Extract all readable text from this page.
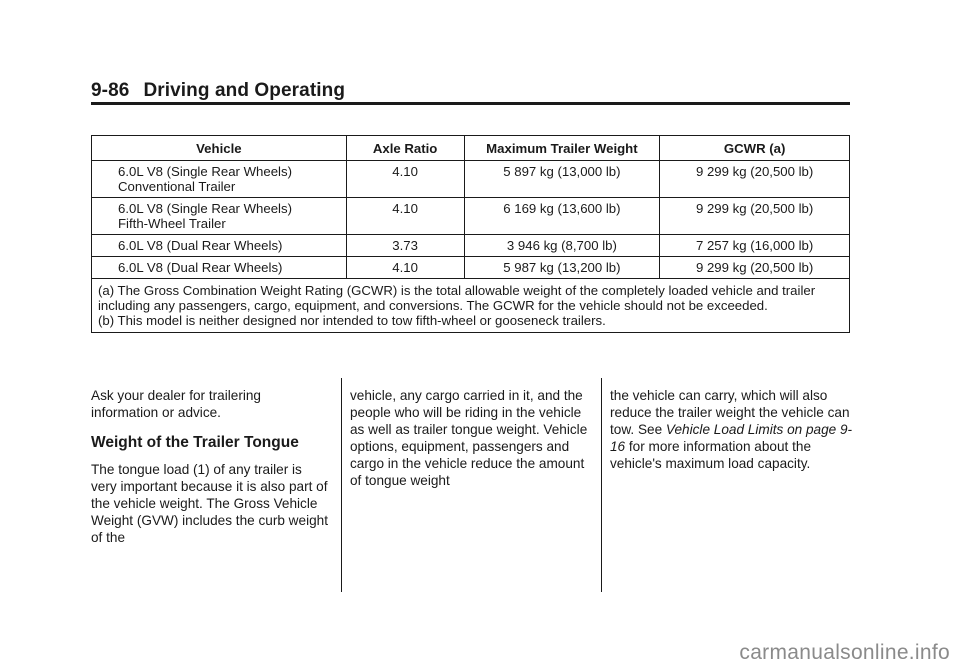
9-86 Driving and Operating
Vehicle	Axle Ratio	Maximum Trailer Weight	GCWR (a)

6.0L V8 (Single Rear Wheels)
Conventional Trailer	4.10	5 897 kg (13,000 lb)	9 299 kg (20,500 lb)

6.0L V8 (Single Rear Wheels)
Fifth-Wheel Trailer	4.10	6 169 kg (13,600 lb)	9 299 kg (20,500 lb)
6.0L V8 (Dual Rear Wheels)	3.73	3 946 kg (8,700 lb)	7 257 kg (16,000 lb)
6.0L V8 (Dual Rear Wheels)	4.10	5 987 kg (13,200 lb)	9 299 kg (20,500 lb)

(a) The Gross Combination Weight Rating (GCWR) is the total allowable weight of the completely loaded vehicle and trailer including any passengers, cargo, equipment, and conversions. The GCWR for the vehicle should not be exceeded.
(b) This model is neither designed nor intended to tow fifth-wheel or gooseneck trailers.			

Ask your dealer for trailering information or advice.

Weight of the Trailer Tongue

The tongue load (1) of any trailer is very important because it is also part of the vehicle weight. The Gross Vehicle Weight (GVW) includes the curb weight of the

vehicle, any cargo carried in it, and the people who will be riding in the vehicle as well as trailer tongue weight. Vehicle options, equipment, passengers and cargo in the vehicle reduce the amount of tongue weight

the vehicle can carry, which will also reduce the trailer weight the vehicle can tow. See Vehicle Load Limits on page 9-16 for more information about the vehicle's maximum load capacity.

carmanualsonline.info
